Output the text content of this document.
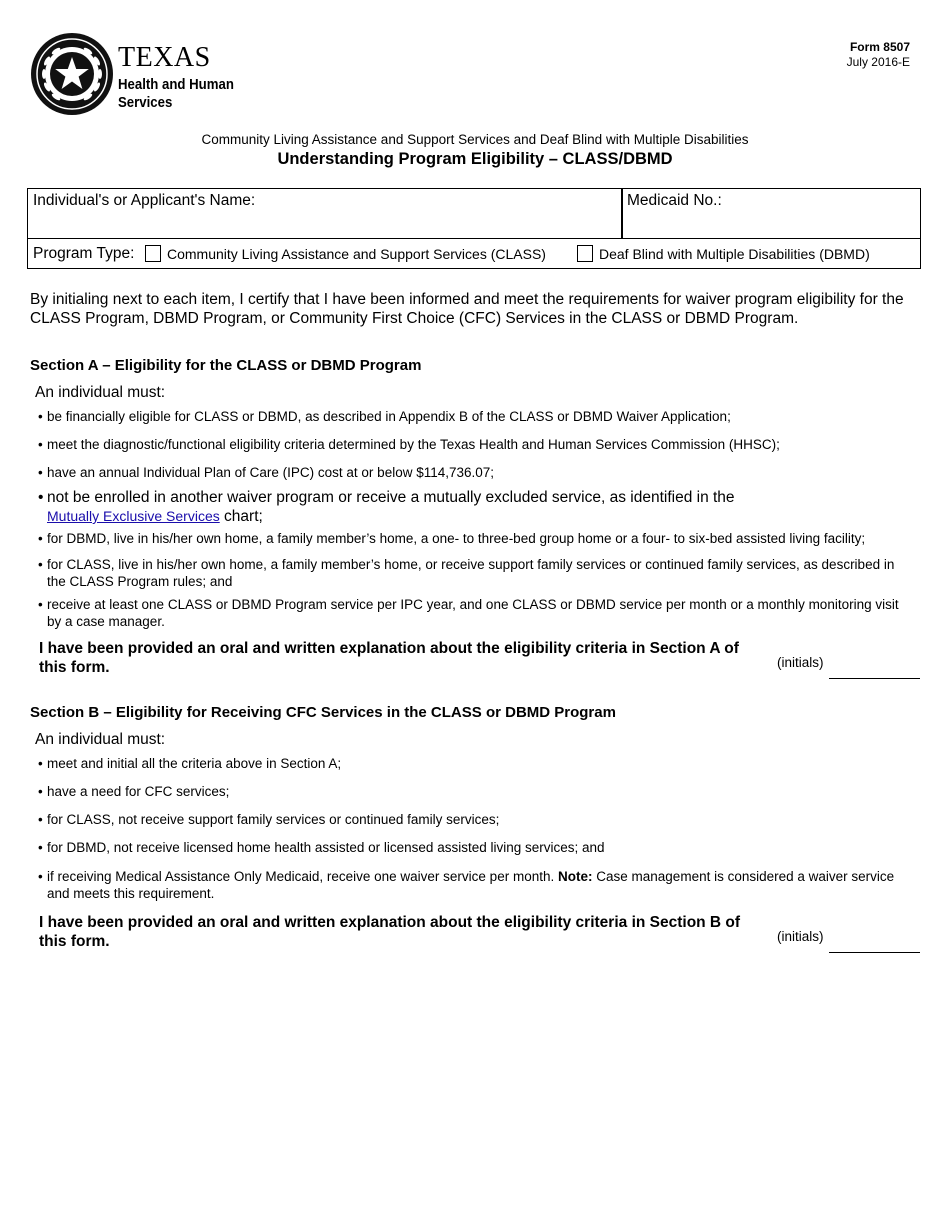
TEXAS
Health and Human
Services
Form 8507
July 2016-E
Community Living Assistance and Support Services and Deaf Blind with Multiple Disabilities
Understanding Program Eligibility – CLASS/DBMD
Individual's or Applicant's Name:	Medicaid No.:
Program Type: Community Living Assistance and Support Services (CLASS)	Deaf Blind with Multiple Disabilities (DBMD)
By initialing next to each item, I certify that I have been informed and meet the requirements for waiver program eligibility for the CLASS Program, DBMD Program, or Community First Choice (CFC) Services in the CLASS or DBMD Program.
Section A – Eligibility for the CLASS or DBMD Program
An individual must:
• be financially eligible for CLASS or DBMD, as described in Appendix B of the CLASS or DBMD Waiver Application;
• meet the diagnostic/functional eligibility criteria determined by the Texas Health and Human Services Commission (HHSC);
• have an annual Individual Plan of Care (IPC) cost at or below $114,736.07;
• not be enrolled in another waiver program or receive a mutually excluded service, as identified in the
Mutually Exclusive Services chart;
• for DBMD, live in his/her own home, a family member’s home, a one- to three-bed group home or a four- to six-bed assisted living facility;
• for CLASS, live in his/her own home, a family member’s home, or receive support family services or continued family services, as described in the CLASS Program rules; and
• receive at least one CLASS or DBMD Program service per IPC year, and one CLASS or DBMD service per month or a monthly monitoring visit by a case manager.
I have been provided an oral and written explanation about the eligibility criteria in Section A of this form.	(initials)
Section B – Eligibility for Receiving CFC Services in the CLASS or DBMD Program
An individual must:
• meet and initial all the criteria above in Section A;
• have a need for CFC services;
• for CLASS, not receive support family services or continued family services;
• for DBMD, not receive licensed home health assisted or licensed assisted living services; and
• if receiving Medical Assistance Only Medicaid, receive one waiver service per month. Note: Case management is considered a waiver service and meets this requirement.
I have been provided an oral and written explanation about the eligibility criteria in Section B of this form.	(initials)
